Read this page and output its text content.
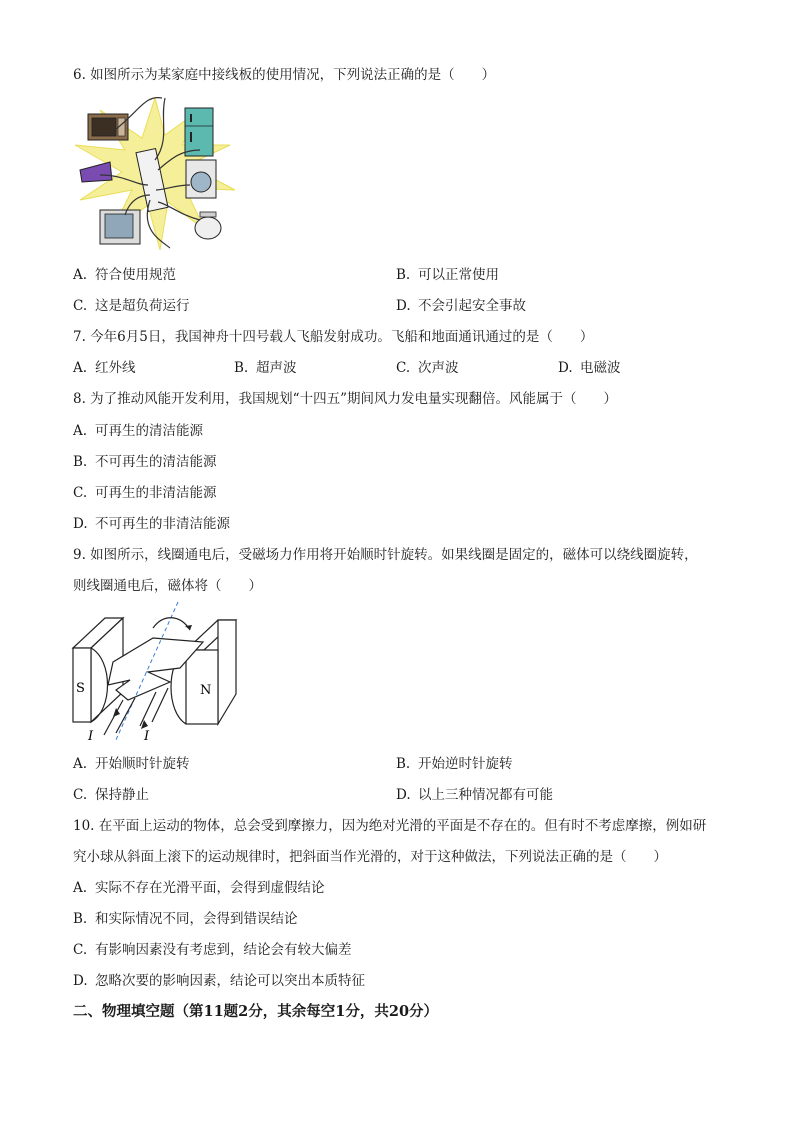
6. 如图所示为某家庭中接线板的使用情况，下列说法正确的是（　　）
A. 符合使用规范	B. 可以正常使用
C. 这是超负荷运行	D. 不会引起安全事故
7. 今年6月5日，我国神舟十四号载人飞船发射成功。飞船和地面通讯通过的是（　　）
A. 红外线	B. 超声波	C. 次声波	D. 电磁波
8. 为了推动风能开发利用，我国规划“十四五”期间风力发电量实现翻倍。风能属于（　　）
A. 可再生的清洁能源
B. 不可再生的清洁能源
C. 可再生的非清洁能源
D. 不可再生的非清洁能源
9. 如图所示，线圈通电后，受磁场力作用将开始顺时针旋转。如果线圈是固定的，磁体可以绕线圈旋转，
则线圈通电后，磁体将（　　）
S	N
I	I
A. 开始顺时针旋转	B. 开始逆时针旋转
C. 保持静止	D. 以上三种情况都有可能
10. 在平面上运动的物体，总会受到摩擦力，因为绝对光滑的平面是不存在的。但有时不考虑摩擦，例如研
究小球从斜面上滚下的运动规律时，把斜面当作光滑的，对于这种做法，下列说法正确的是（　　）
A. 实际不存在光滑平面，会得到虚假结论
B. 和实际情况不同，会得到错误结论
C. 有影响因素没有考虑到，结论会有较大偏差
D. 忽略次要的影响因素，结论可以突出本质特征
二、物理填空题（第11题2分，其余每空1分，共20分）
